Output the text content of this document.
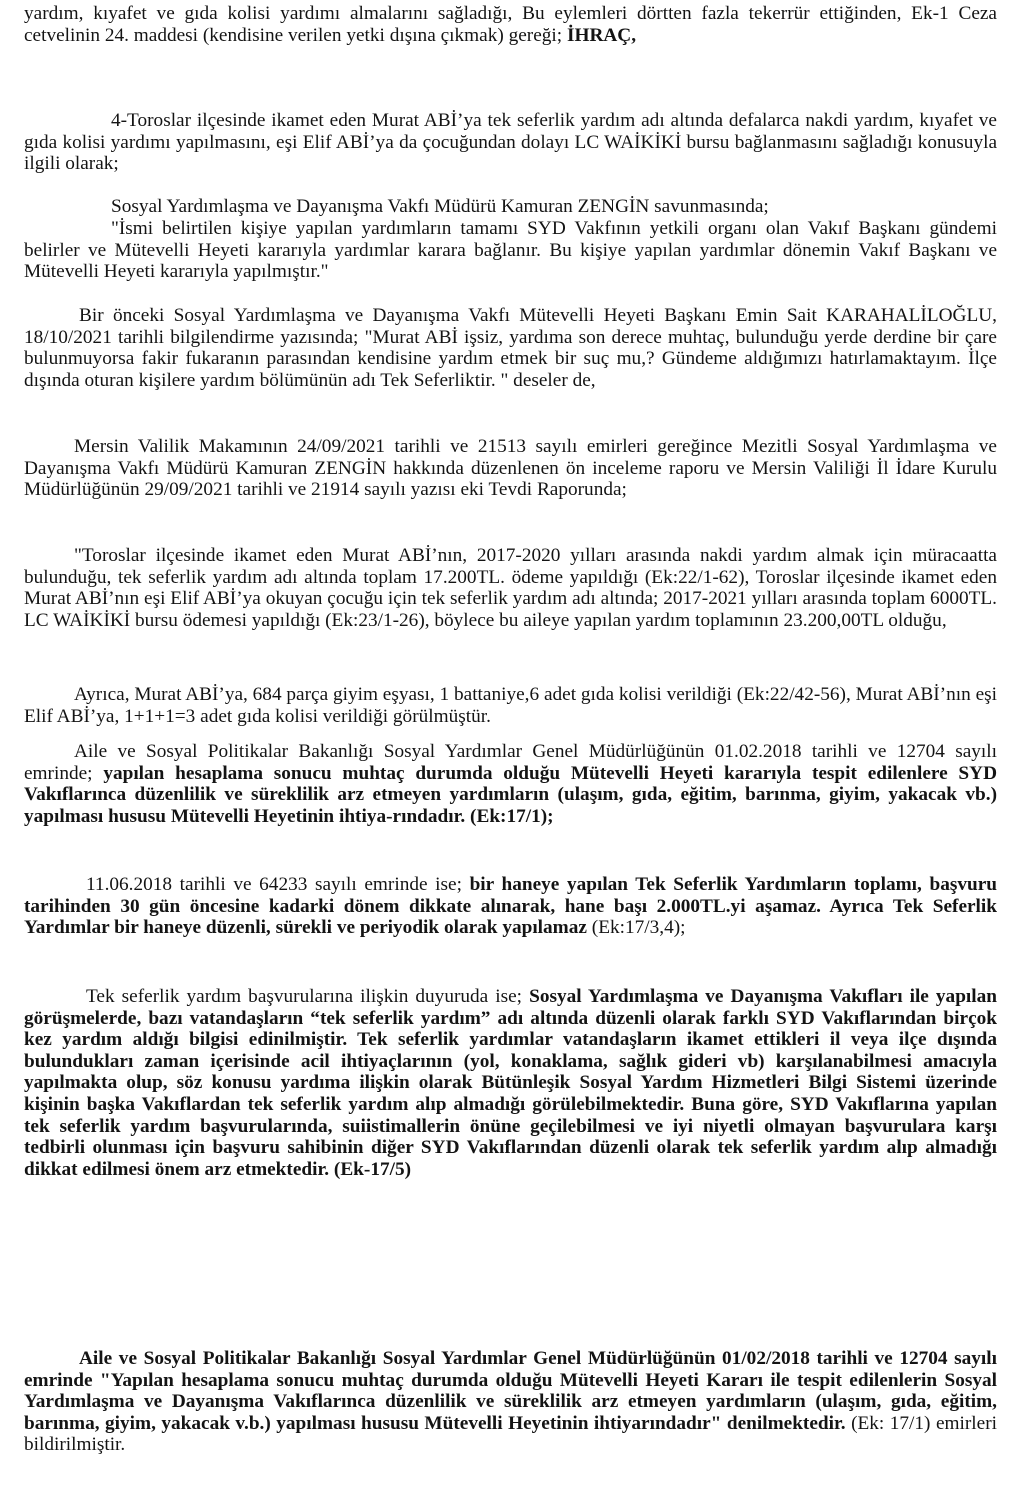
yardım, kıyafet ve gıda kolisi yardımı almalarını sağladığı, Bu eylemleri dörtten fazla tekerrür ettiğinden, Ek-1 Ceza cetvelinin 24. maddesi (kendisine verilen yetki dışına çıkmak) gereği; İHRAÇ,

4-Toroslar ilçesinde ikamet eden Murat ABİ’ya tek seferlik yardım adı altında defalarca nakdi yardım, kıyafet ve gıda kolisi yardımı yapılmasını, eşi Elif ABİ’ya da çocuğundan dolayı LC WAİKİKİ bursu bağlanmasını sağladığı konusuyla ilgili olarak;

Sosyal Yardımlaşma ve Dayanışma Vakfı Müdürü Kamuran ZENGİN savunmasında;

"İsmi belirtilen kişiye yapılan yardımların tamamı SYD Vakfının yetkili organı olan Vakıf Başkanı gündemi belirler ve Mütevelli Heyeti kararıyla yardımlar karara bağlanır. Bu kişiye yapılan yardımlar dönemin Vakıf Başkanı ve Mütevelli Heyeti kararıyla yapılmıştır."

Bir önceki Sosyal Yardımlaşma ve Dayanışma Vakfı Mütevelli Heyeti Başkanı Emin Sait KARAHALİLOĞLU, 18/10/2021 tarihli bilgilendirme yazısında; "Murat ABİ işsiz, yardıma son derece muhtaç, bulunduğu yerde derdine bir çare bulunmuyorsa fakir fukaranın parasından kendisine yardım etmek bir suç mu,? Gündeme aldığımızı hatırlamaktayım. İlçe dışında oturan kişilere yardım bölümünün adı Tek Seferliktir. " deseler de,

Mersin Valilik Makamının 24/09/2021 tarihli ve 21513 sayılı emirleri gereğince Mezitli Sosyal Yardımlaşma ve Dayanışma Vakfı Müdürü Kamuran ZENGİN hakkında düzenlenen ön inceleme raporu ve Mersin Valiliği İl İdare Kurulu Müdürlüğünün 29/09/2021 tarihli ve 21914 sayılı yazısı eki Tevdi Raporunda;

"Toroslar ilçesinde ikamet eden Murat ABİ’nın, 2017-2020 yılları arasında nakdi yardım almak için müracaatta bulunduğu, tek seferlik yardım adı altında toplam 17.200TL. ödeme yapıldığı (Ek:22/1-62), Toroslar ilçesinde ikamet eden Murat ABİ’nın eşi Elif ABİ’ya okuyan çocuğu için tek seferlik yardım adı altında; 2017-2021 yılları arasında toplam 6000TL. LC WAİKİKİ bursu ödemesi yapıldığı (Ek:23/1-26), böylece bu aileye yapılan yardım toplamının 23.200,00TL olduğu,

Ayrıca, Murat ABİ’ya, 684 parça giyim eşyası, 1 battaniye,6 adet gıda kolisi verildiği (Ek:22/42-56), Murat ABİ’nın eşi Elif ABİ’ya, 1+1+1=3 adet gıda kolisi verildiği görülmüştür.

Aile ve Sosyal Politikalar Bakanlığı Sosyal Yardımlar Genel Müdürlüğünün 01.02.2018 tarihli ve 12704 sayılı emrinde; yapılan hesaplama sonucu muhtaç durumda olduğu Mütevelli Heyeti kararıyla tespit edilenlere SYD Vakıflarınca düzenlilik ve süreklilik arz etmeyen yardımların (ulaşım, gıda, eğitim, barınma, giyim, yakacak vb.) yapılması hususu Mütevelli Heyetinin ihtiya-rındadır. (Ek:17/1);

11.06.2018 tarihli ve 64233 sayılı emrinde ise; bir haneye yapılan Tek Seferlik Yardımların toplamı, başvuru tarihinden 30 gün öncesine kadarki dönem dikkate alınarak, hane başı 2.000TL.yi aşamaz. Ayrıca Tek Seferlik Yardımlar bir haneye düzenli, sürekli ve periyodik olarak yapılamaz (Ek:17/3,4);

Tek seferlik yardım başvurularına ilişkin duyuruda ise; Sosyal Yardımlaşma ve Dayanışma Vakıfları ile yapılan görüşmelerde, bazı vatandaşların “tek seferlik yardım” adı altında düzenli olarak farklı SYD Vakıflarından birçok kez yardım aldığı bilgisi edinilmiştir. Tek seferlik yardımlar vatandaşların ikamet ettikleri il veya ilçe dışında bulundukları zaman içerisinde acil ihtiyaçlarının (yol, konaklama, sağlık gideri vb) karşılanabilmesi amacıyla yapılmakta olup, söz konusu yardıma ilişkin olarak Bütünleşik Sosyal Yardım Hizmetleri Bilgi Sistemi üzerinde kişinin başka Vakıflardan tek seferlik yardım alıp almadığı görülebilmektedir. Buna göre, SYD Vakıflarına yapılan tek seferlik yardım başvurularında, suiistimallerin önüne geçilebilmesi ve iyi niyetli olmayan başvurulara karşı tedbirli olunması için başvuru sahibinin diğer SYD Vakıflarından düzenli olarak tek seferlik yardım alıp almadığı dikkat edilmesi önem arz etmektedir. (Ek-17/5)

Aile ve Sosyal Politikalar Bakanlığı Sosyal Yardımlar Genel Müdürlüğünün 01/02/2018 tarihli ve 12704 sayılı emrinde "Yapılan hesaplama sonucu muhtaç durumda olduğu Mütevelli Heyeti Kararı ile tespit edilenlerin Sosyal Yardımlaşma ve Dayanışma Vakıflarınca düzenlilik ve süreklilik arz etmeyen yardımların (ulaşım, gıda, eğitim, barınma, giyim, yakacak v.b.) yapılması hususu Mütevelli Heyetinin ihtiyarındadır" denilmektedir. (Ek: 17/1) emirleri bildirilmiştir.
